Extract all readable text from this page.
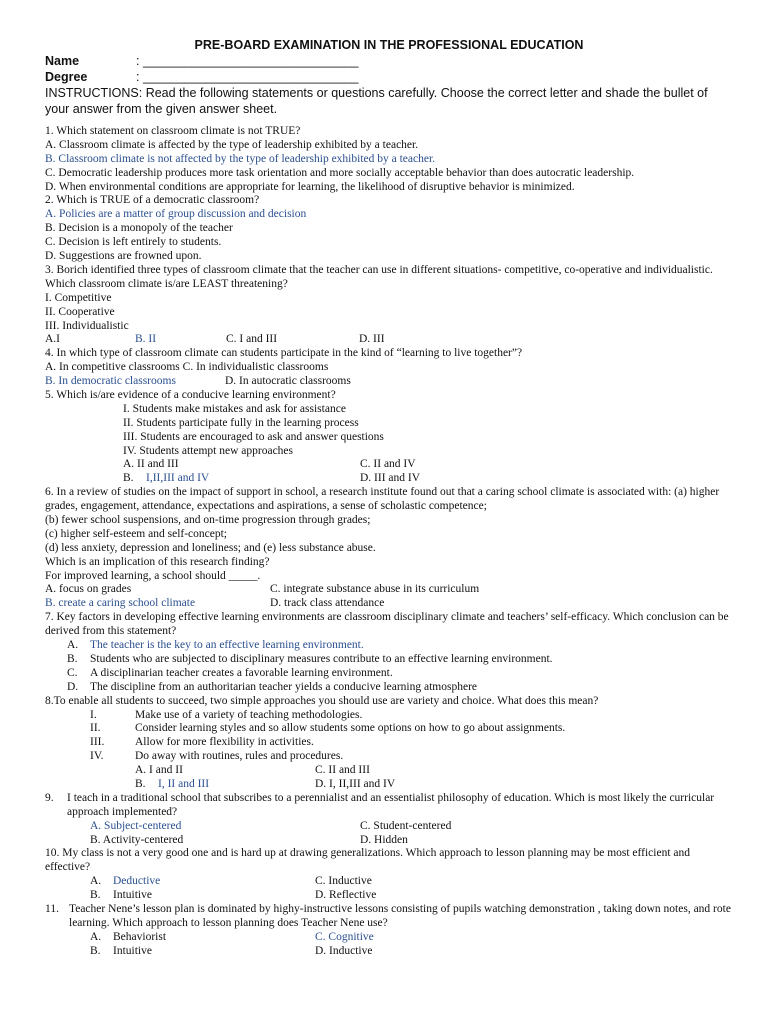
PRE-BOARD EXAMINATION IN THE PROFESSIONAL EDUCATION
Name	: _______________________________
Degree	: _______________________________
INSTRUCTIONS: Read the following statements or questions carefully. Choose the correct letter and shade the bullet of your answer from the given answer sheet.
1. Which statement on classroom climate is not TRUE?
A. Classroom climate is affected by the type of leadership exhibited by a teacher.
B. Classroom climate is not affected by the type of leadership exhibited by a teacher.
C. Democratic leadership produces more task orientation and more socially acceptable behavior than does autocratic leadership.
D. When environmental conditions are appropriate for learning, the likelihood of disruptive behavior is minimized.
2. Which is TRUE of a democratic classroom?
A. Policies are a matter of group discussion and decision
B. Decision is a monopoly of the teacher
C. Decision is left entirely to students.
D. Suggestions are frowned upon.
3. Borich identified three types of classroom climate that the teacher can use in different situations- competitive, co-operative and individualistic. Which classroom climate is/are LEAST threatening?
I. Competitive
II. Cooperative
III. Individualistic
A.I	B. II	C. I and III	D. III
4. In which type of classroom climate can students participate in the kind of “learning to live together”?
A. In competitive classrooms C. In individualistic classrooms
B. In democratic classrooms	D. In autocratic classrooms
5. Which is/are evidence of a conducive learning environment?
I. Students make mistakes and ask for assistance
II. Students participate fully in the learning process
III. Students are encouraged to ask and answer questions
IV. Students attempt new approaches
A. II and III	C. II and IV
B. I,II,III and IV	D. III and IV
6. In a review of studies on the impact of support in school, a research institute found out that a caring school climate is associated with: (a) higher grades, engagement, attendance, expectations and aspirations, a sense of scholastic competence;
(b) fewer school suspensions, and on-time progression through grades;
(c) higher self-esteem and self-concept;
(d) less anxiety, depression and loneliness; and (e) less substance abuse.
Which is an implication of this research finding?
For improved learning, a school should _____.
A. focus on grades	C. integrate substance abuse in its curriculum
B. create a caring school climate	D. track class attendance
7. Key factors in developing effective learning environments are classroom disciplinary climate and teachers’ self-efficacy. Which conclusion can be derived from this statement?
A. The teacher is the key to an effective learning environment.
B. Students who are subjected to disciplinary measures contribute to an effective learning environment.
C. A disciplinarian teacher creates a favorable learning environment.
D. The discipline from an authoritarian teacher yields a conducive learning atmosphere
8.To enable all students to succeed, two simple approaches you should use are variety and choice. What does this mean?
I.	Make use of a variety of teaching methodologies.
II.	Consider learning styles and so allow students some options on how to go about assignments.
III.	Allow for more flexibility in activities.
IV.	Do away with routines, rules and procedures.
A. I and II	C. II and III
B. I, II and III	D. I, II,III and IV
9.	I teach in a traditional school that subscribes to a perennialist and an essentialist philosophy of education. Which is most likely the curricular approach implemented?
A. Subject-centered	C. Student-centered
B. Activity-centered	D. Hidden
10. My class is not a very good one and is hard up at drawing generalizations. Which approach to lesson planning may be most efficient and effective?
A. Deductive	C. Inductive
B. Intuitive	D. Reflective
11. Teacher Nene’s lesson plan is dominated by highy-instructive lessons consisting of pupils watching demonstration , taking down notes, and rote learning. Which approach to lesson planning does Teacher Nene use?
A. Behaviorist	C. Cognitive
B. Intuitive	D. Inductive
